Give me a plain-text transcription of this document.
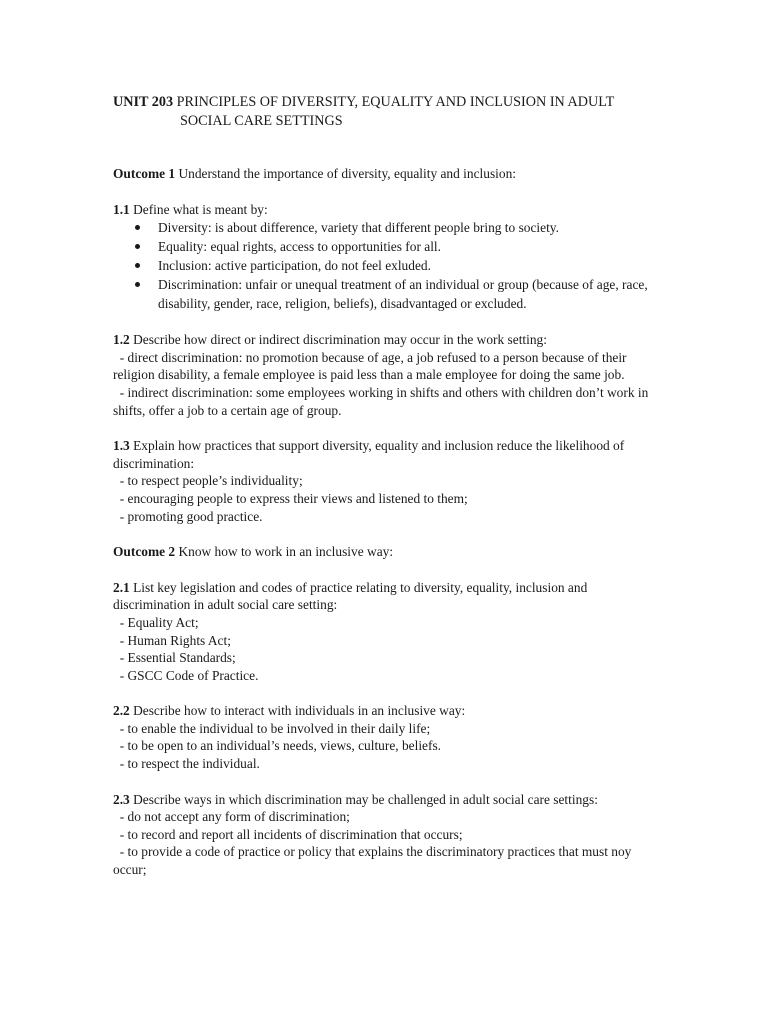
UNIT 203 PRINCIPLES OF DIVERSITY, EQUALITY AND INCLUSION IN ADULT
SOCIAL CARE SETTINGS

Outcome 1 Understand the importance of diversity, equality and inclusion:

1.1 Define what is meant by:

Diversity: is about difference, variety that different people bring to society.
Equality: equal rights, access to opportunities for all.
Inclusion: active participation, do not feel exluded.
Discrimination: unfair or unequal treatment of an individual or group (because of age, race, disability, gender, race, religion, beliefs), disadvantaged or excluded.

1.2 Describe how direct or indirect discrimination may occur in the work setting:

- direct discrimination: no promotion because of age, a job refused to a person because of their religion disability, a female employee is paid less than a male employee for doing the same job.

- indirect discrimination: some employees working in shifts and others with children don’t work in shifts, offer a job to a certain age of group.

1.3 Explain how practices that support diversity, equality and inclusion reduce the likelihood of discrimination:

- to respect people’s individuality;
- encouraging people to express their views and listened to them;
- promoting good practice.

Outcome 2 Know how to work in an inclusive way:

2.1 List key legislation and codes of practice relating to diversity, equality, inclusion and discrimination in adult social care setting:

- Equality Act;
- Human Rights Act;
- Essential Standards;
- GSCC Code of Practice.

2.2 Describe how to interact with individuals in an inclusive way:

- to enable the individual to be involved in their daily life;
- to be open to an individual’s needs, views, culture, beliefs.
- to respect the individual.

2.3 Describe ways in which discrimination may be challenged in adult social care settings:

- do not accept any form of discrimination;
- to record and report all incidents of discrimination that occurs;
- to provide a code of practice or policy that explains the discriminatory practices that must noy occur;
